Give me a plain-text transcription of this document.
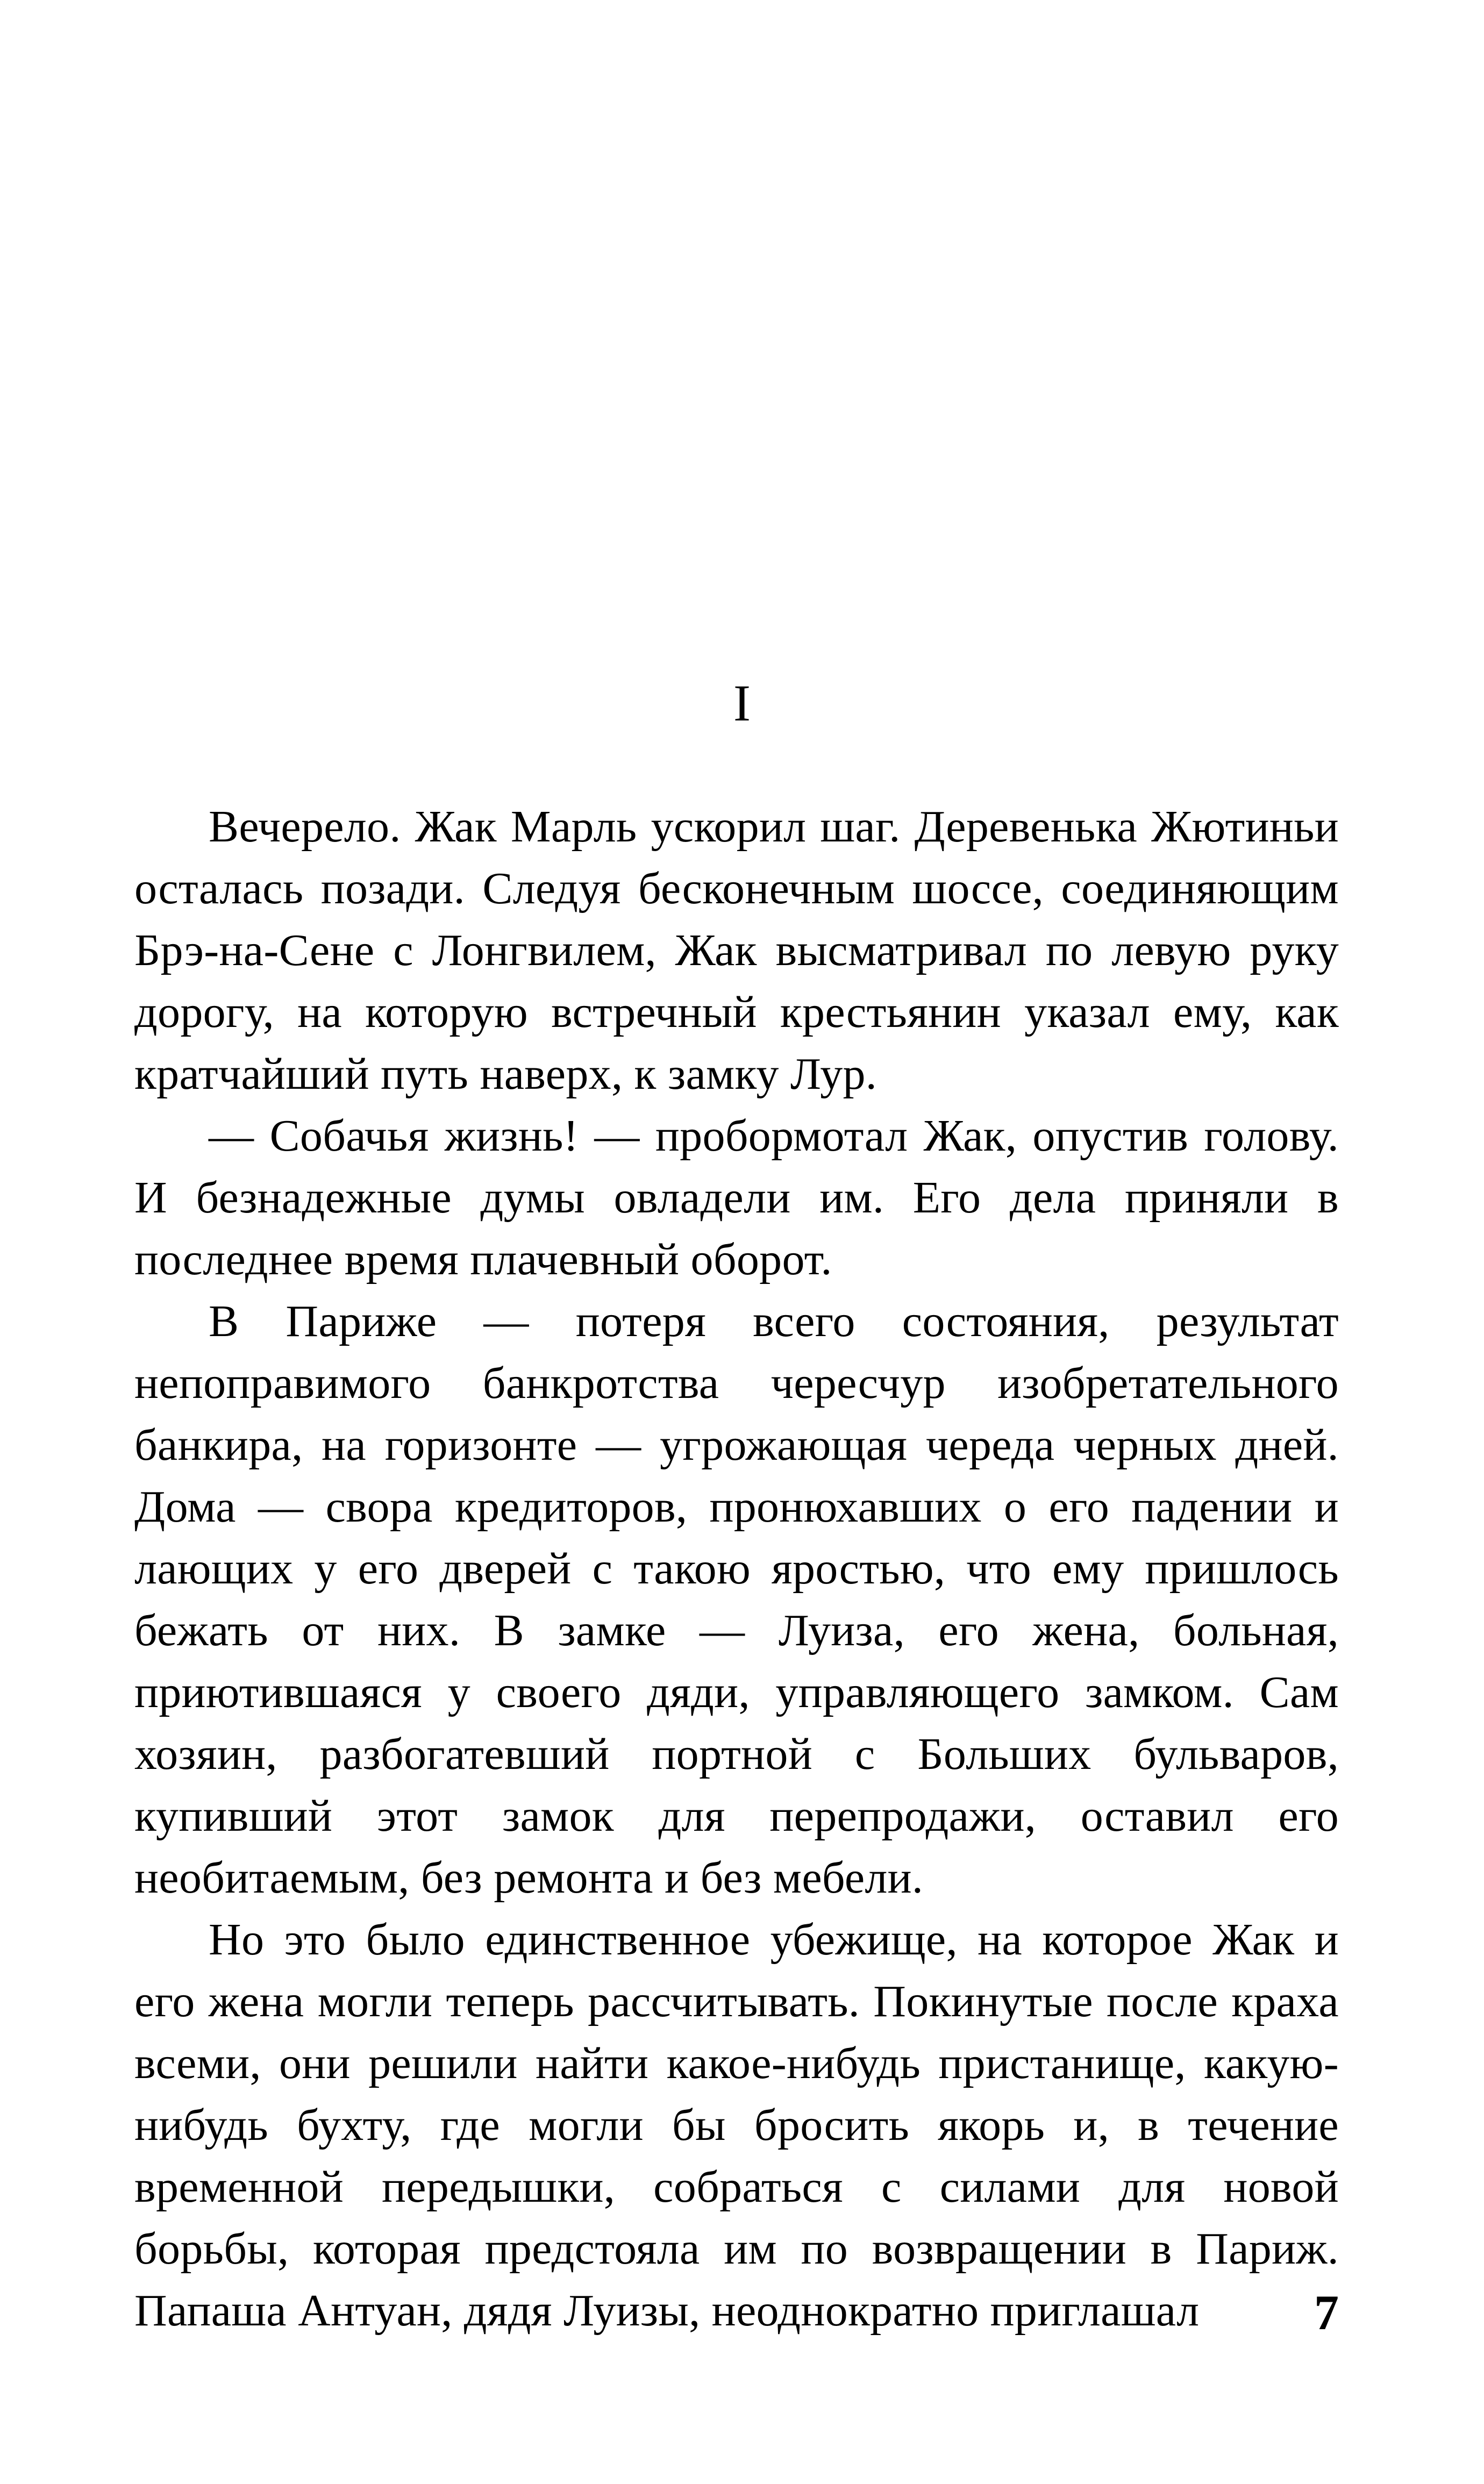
I

Вечерело. Жак Марль ускорил шаг. Деревенька Жютиньи осталась позади. Следуя бесконечным шоссе, соединяющим Брэ-на-Сене с Лонгвилем, Жак высматривал по левую руку дорогу, на которую встречный крестьянин указал ему, как кратчайший путь наверх, к замку Лур.

— Собачья жизнь! — пробормотал Жак, опустив голову. И безнадежные думы овладели им. Его дела приняли в последнее время плачевный оборот.

В Париже — потеря всего состояния, результат непоправимого банкротства чересчур изобретательного банкира, на горизонте — угрожающая череда черных дней. Дома — свора кредиторов, пронюхавших о его падении и лающих у его дверей с такою яростью, что ему пришлось бежать от них. В замке — Луиза, его жена, больная, приютившаяся у своего дяди, управляющего замком. Сам хозяин, разбогатевший портной с Больших бульваров, купивший этот замок для перепродажи, оставил его необитаемым, без ремонта и без мебели.

Но это было единственное убежище, на которое Жак и его жена могли теперь рассчитывать. Покинутые после краха всеми, они решили найти какое-нибудь пристанище, какую-нибудь бухту, где могли бы бросить якорь и, в течение временной передышки, собраться с силами для новой борьбы, которая предстояла им по возвращении в Париж. Папаша Антуан, дядя Луизы, неоднократно приглашал	7
